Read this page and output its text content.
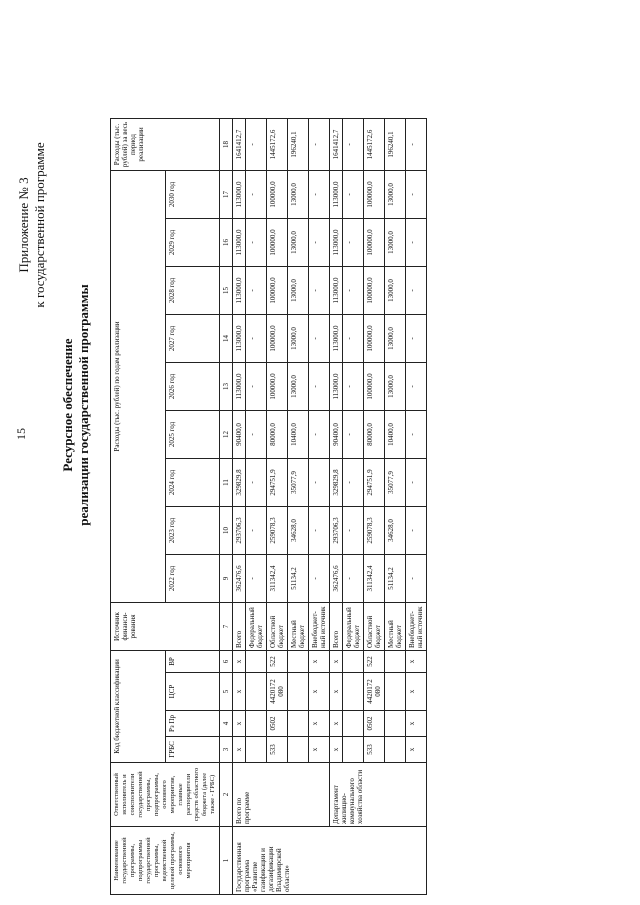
15
Приложение № 3 к государственной программе
Ресурсное обеспечение реализации государственной программы
Наименование государственной программы, подпрограммы государственной программы, ведомственной целевой программы, основного мероприятия	Ответственный исполнитель и соисполнители государственной программы, подпрограммы, основного мероприятия, главные распорядители средств областного бюджета (далее также - ГРБС)	Код бюджетной классификации				Источник финанси-рования	Расходы (тыс. рублей) по годам реализации									Расходы (тыс. рублей) за весь период реализации
		ГРБС	Рз Пр	ЦСР	ВР		2022 год	2023 год	2024 год	2025 год	2026 год	2027 год	2028 год	2029 год	2030 год	
1	2	3	4	5	6	7	9	10	11	12	13	14	15	16	17	18
Государственная программа «Развитие газификации и догазификации Владимирской области»	Всего по программе	x	x	x	x	Всего	362476,6	293706,3	329829,8	90400,0	113000,0	113000,0	113000,0	113000,0	113000,0	1641412,7
						Федеральный бюджет	-	-	-	-	-	-	-	-	-	-
		533	0502	4420172 080	522	Областной бюджет	311342,4	259078,3	294751,9	80000,0	100000,0	100000,0	100000,0	100000,0	100000,0	1445172,6
						Местный бюджет	51134,2	34628,0	35077,9	10400,0	13000,0	13000,0	13000,0	13000,0	13000,0	196240,1
		x	x	x	x	Внебюджет-ный источник	-	-	-	-	-	-	-	-	-	-
	Департамент жилищно-коммунального хозяйства области	x	x	x	x	Всего	362476,6	293706,3	329829,8	90400,0	113000,0	113000,0	113000,0	113000,0	113000,0	1641412,7
						Федеральный бюджет	-	-	-	-	-	-	-	-	-	-
		533	0502	4420172 080	522	Областной бюджет	311342,4	259078,3	294751,9	80000,0	100000,0	100000,0	100000,0	100000,0	100000,0	1445172,6
						Местный бюджет	51134,2	34628,0	35077,9	10400,0	13000,0	13000,0	13000,0	13000,0	13000,0	196240,1
		x	x	x	x	Внебюджет-ный источник	-	-	-	-	-	-	-	-	-	-
